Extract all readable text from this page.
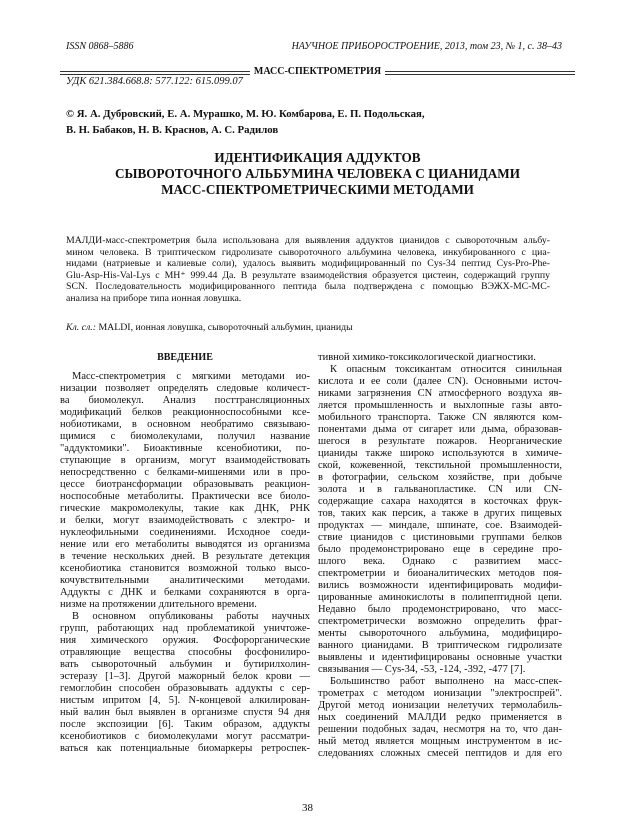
ISSN 0868–5886	НАУЧНОЕ ПРИБОРОСТРОЕНИЕ, 2013, том 23, № 1, с. 38–43
МАСС-СПЕКТРОМЕТРИЯ
УДК 621.384.668.8: 577.122: 615.099.07
© Я. А. Дубровский, Е. А. Мурашко, М. Ю. Комбарова, Е. П. Подольская,
В. Н. Бабаков, Н. В. Краснов, А. С. Радилов
ИДЕНТИФИКАЦИЯ АДДУКТОВ
СЫВОРОТОЧНОГО АЛЬБУМИНА ЧЕЛОВЕКА С ЦИАНИДАМИ
МАСС-СПЕКТРОМЕТРИЧЕСКИМИ МЕТОДАМИ
МАЛДИ-масс-спектрометрия была использована для выявления аддуктов цианидов с сывороточным альбу-
мином человека. В триптическом гидролизате сывороточного альбумина человека, инкубированного с циа-
нидами (натриевые и калиевые соли), удалось выявить модифицированный по Cys-34 пептид Cys-Pro-Phe-
Glu-Asp-His-Val-Lys с MH⁺ 999.44 Да. В результате взаимодействия образуется цистеин, содержащий группу
SCN. Последовательность модифицированного пептида была подтверждена с помощью ВЭЖХ-МС-МС-
анализа на приборе типа ионная ловушка.
Кл. сл.: MALDI, ионная ловушка, сывороточный альбумин, цианиды
ВВЕДЕНИЕ
Масс-спектрометрия с мягкими методами ио-
низации позволяет определять следовые количест-
ва биомолекул. Анализ посттрансляционных
модификаций белков реакционноспособными ксе-
нобиотиками, в основном необратимо связываю-
щимися с биомолекулами, получил название
"аддуктомики". Биоактивные ксенобиотики, по-
ступающие в организм, могут взаимодействовать
непосредственно с белками-мишенями или в про-
цессе биотрансформации образовывать реакцион-
носпособные метаболиты. Практически все биоло-
гические макромолекулы, такие как ДНК, РНК
и белки, могут взаимодействовать с электро- и
нуклеофильными соединениями. Исходное соеди-
нение или его метаболиты выводятся из организма
в течение нескольких дней. В результате детекция
ксенобиотика становится возможной только высо-
кочувствительными аналитическими методами.
Аддукты с ДНК и белками сохраняются в орга-
низме на протяжении длительного времени.
В основном опубликованы работы научных
групп, работающих над проблематикой уничтоже-
ния химического оружия. Фосфорорганические
отравляющие вещества способны фосфонилиро-
вать сывороточный альбумин и бутирилхолин-
эстеразу [1–3]. Другой мажорный белок крови —
гемоглобин способен образовывать аддукты с сер-
нистым ипритом [4, 5]. N-концевой алкилирован-
ный валин был выявлен в организме спустя 94 дня
после экспозиции [6]. Таким образом, аддукты
ксенобиотиков с биомолекулами могут рассматри-
ваться как потенциальные биомаркеры ретроспек-
тивной химико-токсикологической диагностики.
К опасным токсикантам относится синильная
кислота и ее соли (далее CN). Основными источ-
никами загрязнения CN атмосферного воздуха яв-
ляется промышленность и выхлопные газы авто-
мобильного транспорта. Также CN являются ком-
понентами дыма от сигарет или дыма, образовав-
шегося в результате пожаров. Неорганические
цианиды также широко используются в химиче-
ской, кожевенной, текстильной промышленности,
в фотографии, сельском хозяйстве, при добыче
золота и в гальванопластике. CN или CN-
содержащие сахара находятся в косточках фрук-
тов, таких как персик, а также в других пищевых
продуктах — миндале, шпинате, сое. Взаимодей-
ствие цианидов с цистиновыми группами белков
было продемонстрировано еще в середине про-
шлого века. Однако с развитием масс-
спектрометрии и биоаналитических методов поя-
вились возможности идентифицировать модифи-
цированные аминокислоты в полипептидной цепи.
Недавно было продемонстрировано, что масс-
спектрометрически возможно определить фраг-
менты сывороточного альбумина, модифициро-
ванного цианидами. В триптическом гидролизате
выявлены и идентифицированы основные участки
связывания — Cys-34, -53, -124, -392, -477 [7].
Большинство работ выполнено на масс-спек-
трометрах с методом ионизации "электроспрей".
Другой метод ионизации нелетучих термолабиль-
ных соединений МАЛДИ редко применяется в
решении подобных задач, несмотря на то, что дан-
ный метод является мощным инструментом в ис-
следованиях сложных смесей пептидов и для его
38
